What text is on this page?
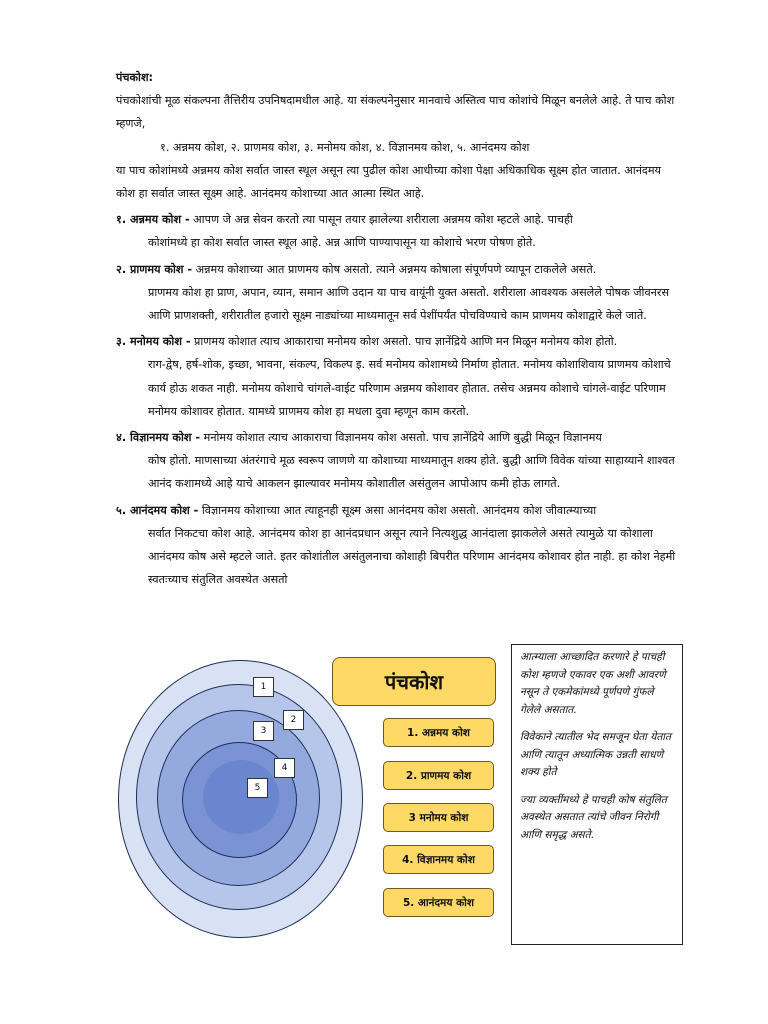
पंचकोश:

पंचकोशांची मूळ संकल्पना तैत्तिरीय उपनिषदामधील आहे. या संकल्पनेनुसार मानवाचे अस्तित्व पाच कोशांचे मिळून बनलेले आहे. ते पाच कोश म्हणजे,

१. अन्नमय कोश, २. प्राणमय कोश, ३. मनोमय कोश, ४. विज्ञानमय कोश, ५. आनंदमय कोश

या पाच कोशांमध्ये अन्नमय कोश सर्वात जास्त स्थूल असून त्या पुढील कोश आधीच्या कोशा पेक्षा अधिकाधिक सूक्ष्म होत जातात. आनंदमय कोश हा सर्वात जास्त सूक्ष्म आहे. आनंदमय कोशाच्या आत आत्मा स्थित आहे.

१. अन्नमय कोश - आपण जे अन्न सेवन करतो त्या पासून तयार झालेल्या शरीराला अन्नमय कोश म्हटले आहे. पाचही
कोशांमध्ये हा कोश सर्वात जास्त स्थूल आहे. अन्न आणि पाण्यापासून या कोशाचे भरण पोषण होते.
२. प्राणमय कोश - अन्नमय कोशाच्या आत प्राणमय कोष असतो. त्याने अन्नमय कोषाला संपूर्णपणे व्यापून टाकलेले असते.
प्राणमय कोश हा प्राण, अपान, व्यान, समान आणि उदान या पाच वायूंनी युक्त असतो. शरीराला आवश्यक असलेले पोषक जीवनरस आणि प्राणशक्ती, शरीरातील हजारो सूक्ष्म नाड्यांच्या माध्यमातून सर्व पेशींपर्यंत पोचविण्याचे काम प्राणमय कोशाद्वारे केले जाते.
३. मनोमय कोश - प्राणमय कोशात त्याच आकाराचा मनोमय कोश असतो. पाच ज्ञानेंद्रिये आणि मन मिळून मनोमय कोश होतो.
राग-द्वेष, हर्ष-शोक, इच्छा, भावना, संकल्प, विकल्प इ. सर्व मनोमय कोशामध्ये निर्माण होतात. मनोमय कोशाशिवाय प्राणमय कोशाचे कार्य होऊ शकत नाही. मनोमय कोशाचे चांगले-वाईट परिणाम अन्नमय कोशावर होतात. तसेच अन्नमय कोशाचे चांगले-वाईट परिणाम मनोमय कोशावर होतात. यामध्ये प्राणमय कोश हा मधला दुवा म्हणून काम करतो.
४. विज्ञानमय कोश - मनोमय कोशात त्याच आकाराचा विज्ञानमय कोश असतो. पाच ज्ञानेंद्रिये आणि बुद्धी मिळून विज्ञानमय
कोष होतो. माणसाच्या अंतरंगाचे मूळ स्वरूप जाणणे या कोशाच्या माध्यमातून शक्य होते. बुद्धी आणि विवेक यांच्या साहाय्याने शाश्वत आनंद कशामध्ये आहे याचे आकलन झाल्यावर मनोमय कोशातील असंतुलन आपोआप कमी होऊ लागते.
५. आनंदमय कोश - विज्ञानमय कोशाच्या आत त्याहूनही सूक्ष्म असा आनंदमय कोश असतो. आनंदमय कोश जीवात्म्याच्या
सर्वात निकटचा कोश आहे. आनंदमय कोश हा आनंदप्रधान असून त्याने नित्यशुद्ध आनंदाला झाकलेले असते त्यामुळे या कोशाला आनंदमय कोष असे म्हटले जाते. इतर कोशांतील असंतुलनाचा कोशाही बिपरीत परिणाम आनंदमय कोशावर होत नाही. हा कोश नेहमी स्वतःच्याच संतुलित अवस्थेत असतो
1
2
3
4
5
पंचकोश
1. अन्नमय कोश
2. प्राणमय कोश
3 मनोमय कोश
4. विज्ञानमय कोश
5. आनंदमय कोश

आत्म्याला आच्छादित करणारे हे पाचही कोश म्हणजे एकावर एक अशी आवरणे नसून ते एकमेकांमध्ये पूर्णपणे गुंफले गेलेले असतात.

विवेकाने त्यातील भेद समजून घेता येतात आणि त्यातून अध्यात्मिक उन्नती साधणे शक्य होते

ज्या व्यक्तींमध्ये हे पाचही कोष संतुलित अवस्थेत असतात त्यांचे जीवन निरोगी आणि समृद्ध असते.
